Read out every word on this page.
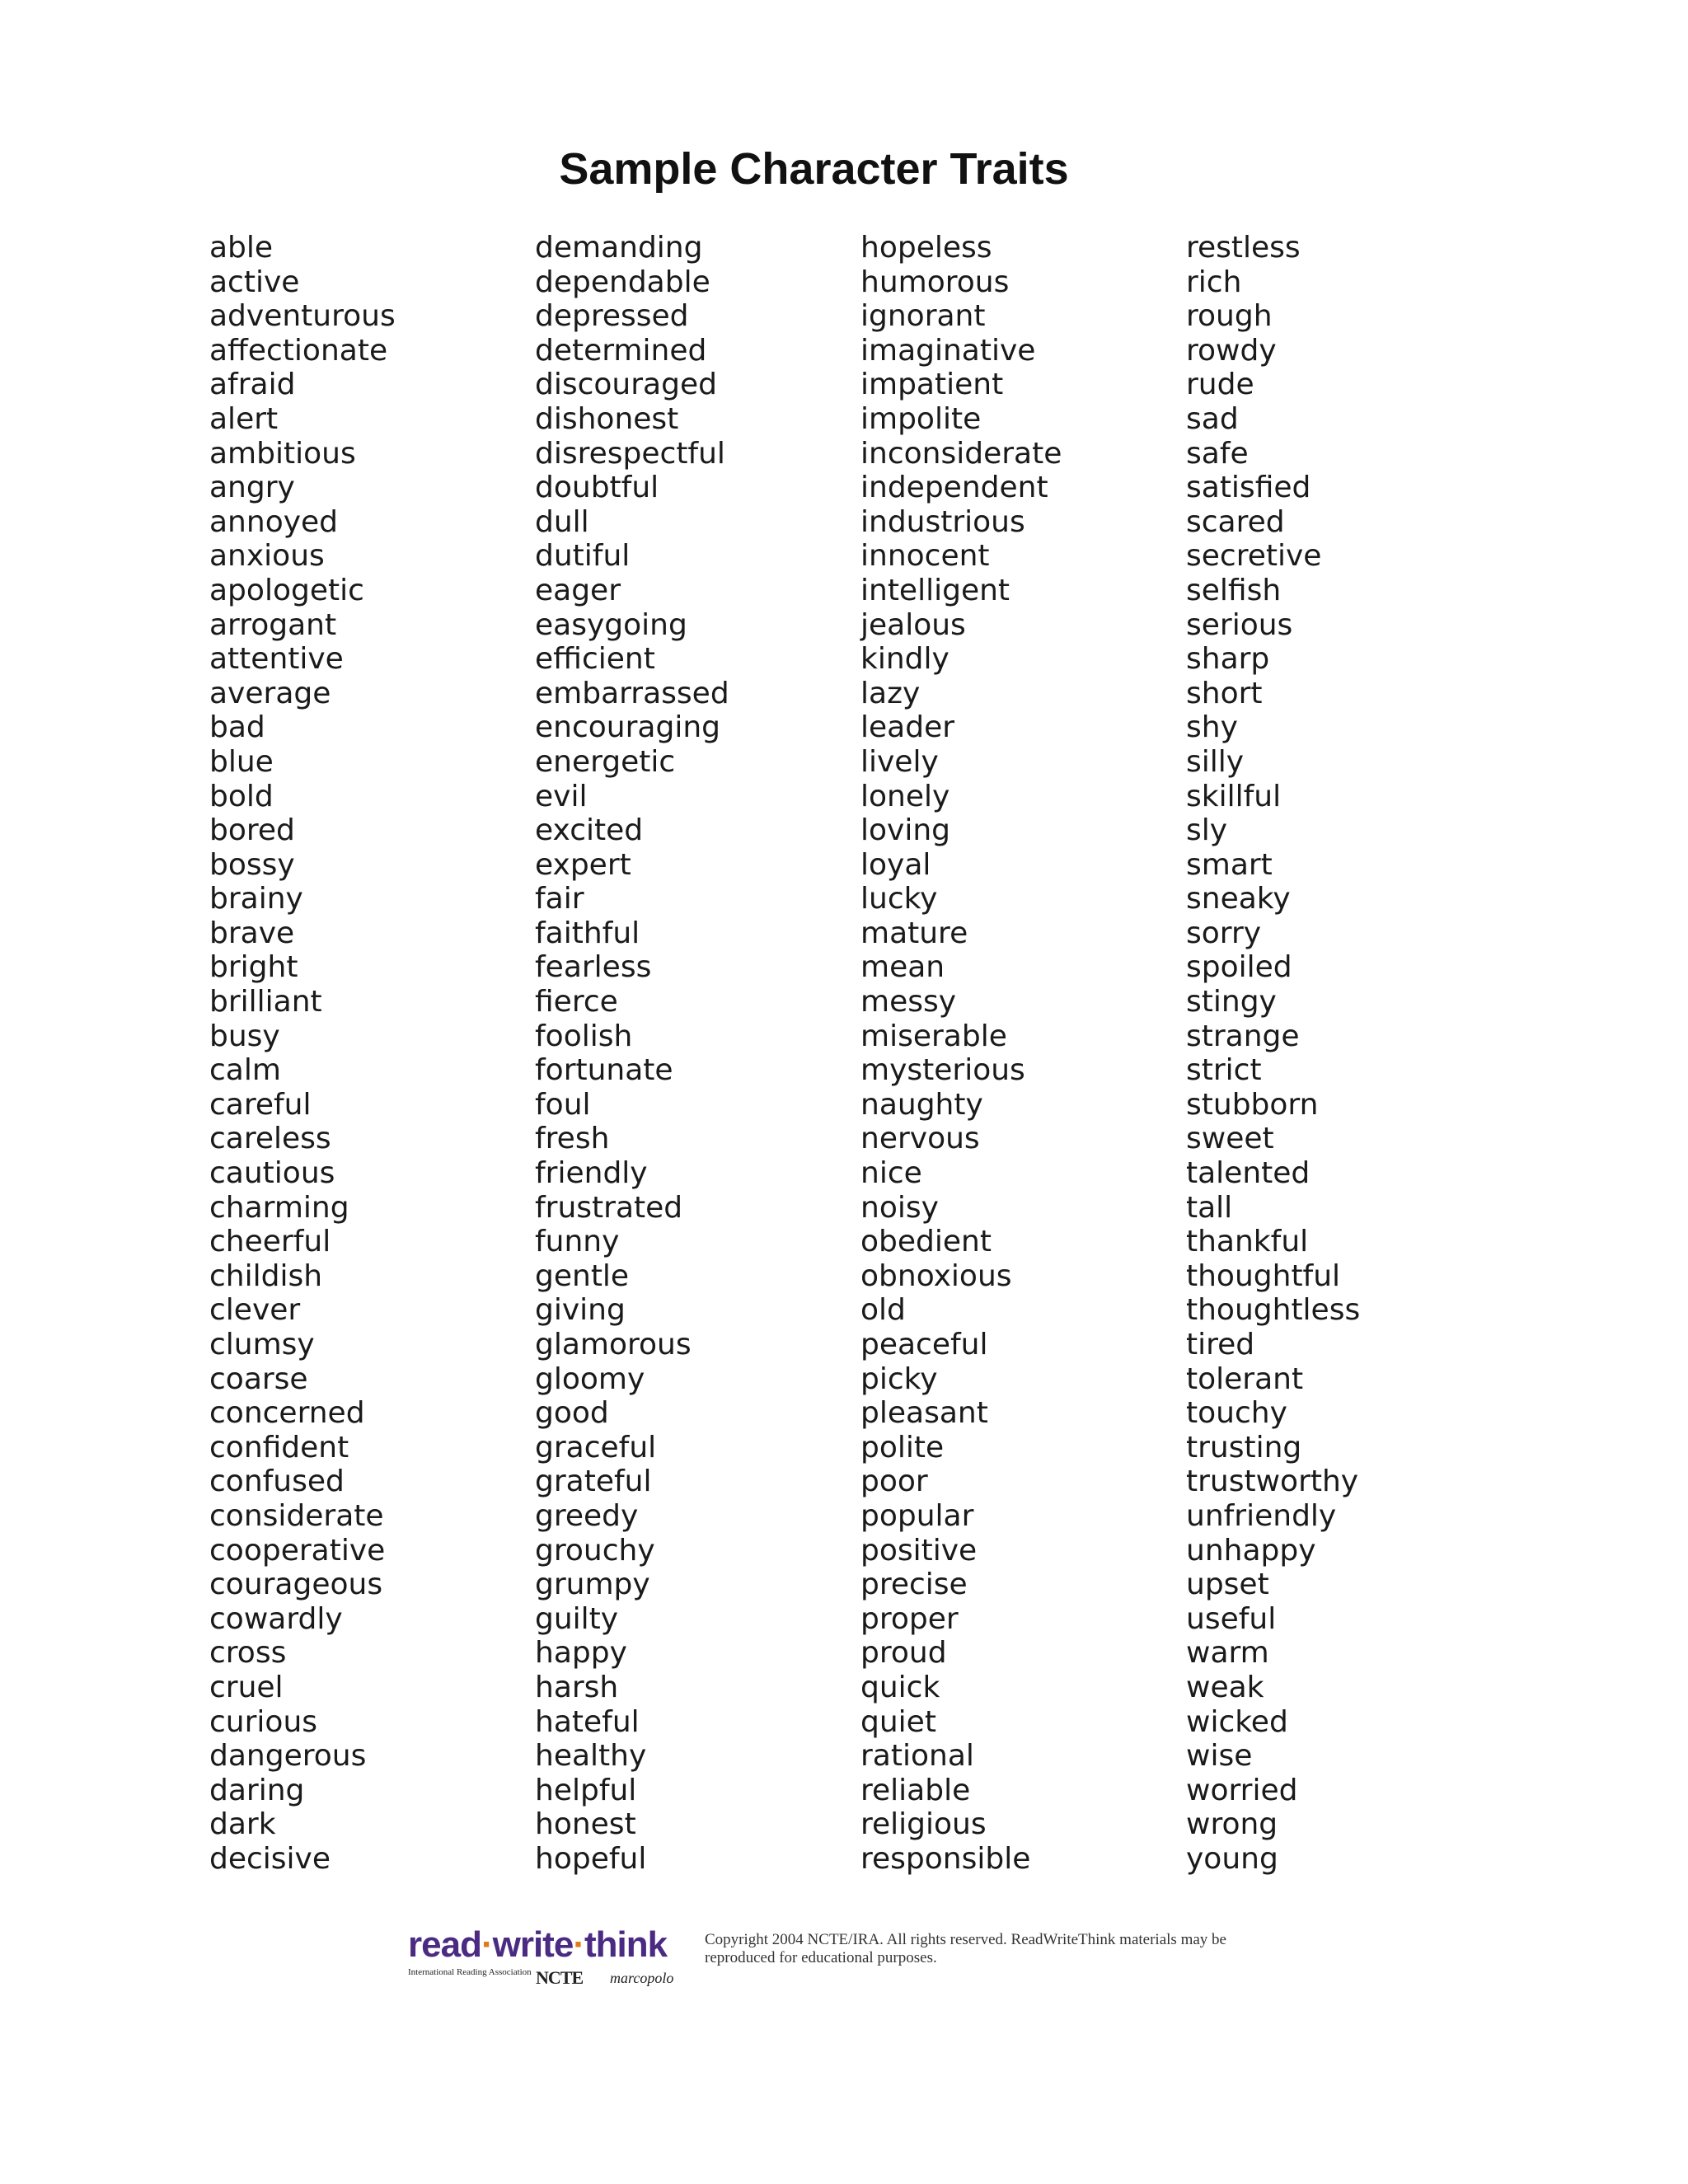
Sample Character Traits
able
active
adventurous
affectionate
afraid
alert
ambitious
angry
annoyed
anxious
apologetic
arrogant
attentive
average
bad
blue
bold
bored
bossy
brainy
brave
bright
brilliant
busy
calm
careful
careless
cautious
charming
cheerful
childish
clever
clumsy
coarse
concerned
confident
confused
considerate
cooperative
courageous
cowardly
cross
cruel
curious
dangerous
daring
dark
decisive
demanding
dependable
depressed
determined
discouraged
dishonest
disrespectful
doubtful
dull
dutiful
eager
easygoing
efficient
embarrassed
encouraging
energetic
evil
excited
expert
fair
faithful
fearless
fierce
foolish
fortunate
foul
fresh
friendly
frustrated
funny
gentle
giving
glamorous
gloomy
good
graceful
grateful
greedy
grouchy
grumpy
guilty
happy
harsh
hateful
healthy
helpful
honest
hopeful
hopeless
humorous
ignorant
imaginative
impatient
impolite
inconsiderate
independent
industrious
innocent
intelligent
jealous
kindly
lazy
leader
lively
lonely
loving
loyal
lucky
mature
mean
messy
miserable
mysterious
naughty
nervous
nice
noisy
obedient
obnoxious
old
peaceful
picky
pleasant
polite
poor
popular
positive
precise
proper
proud
quick
quiet
rational
reliable
religious
responsible
restless
rich
rough
rowdy
rude
sad
safe
satisfied
scared
secretive
selfish
serious
sharp
short
shy
silly
skillful
sly
smart
sneaky
sorry
spoiled
stingy
strange
strict
stubborn
sweet
talented
tall
thankful
thoughtful
thoughtless
tired
tolerant
touchy
trusting
trustworthy
unfriendly
unhappy
upset
useful
warm
weak
wicked
wise
worried
wrong
young
read·write·think
International Reading Association NCTE marcopolo
Copyright 2004 NCTE/IRA. All rights reserved. ReadWriteThink materials may be reproduced for educational purposes.
